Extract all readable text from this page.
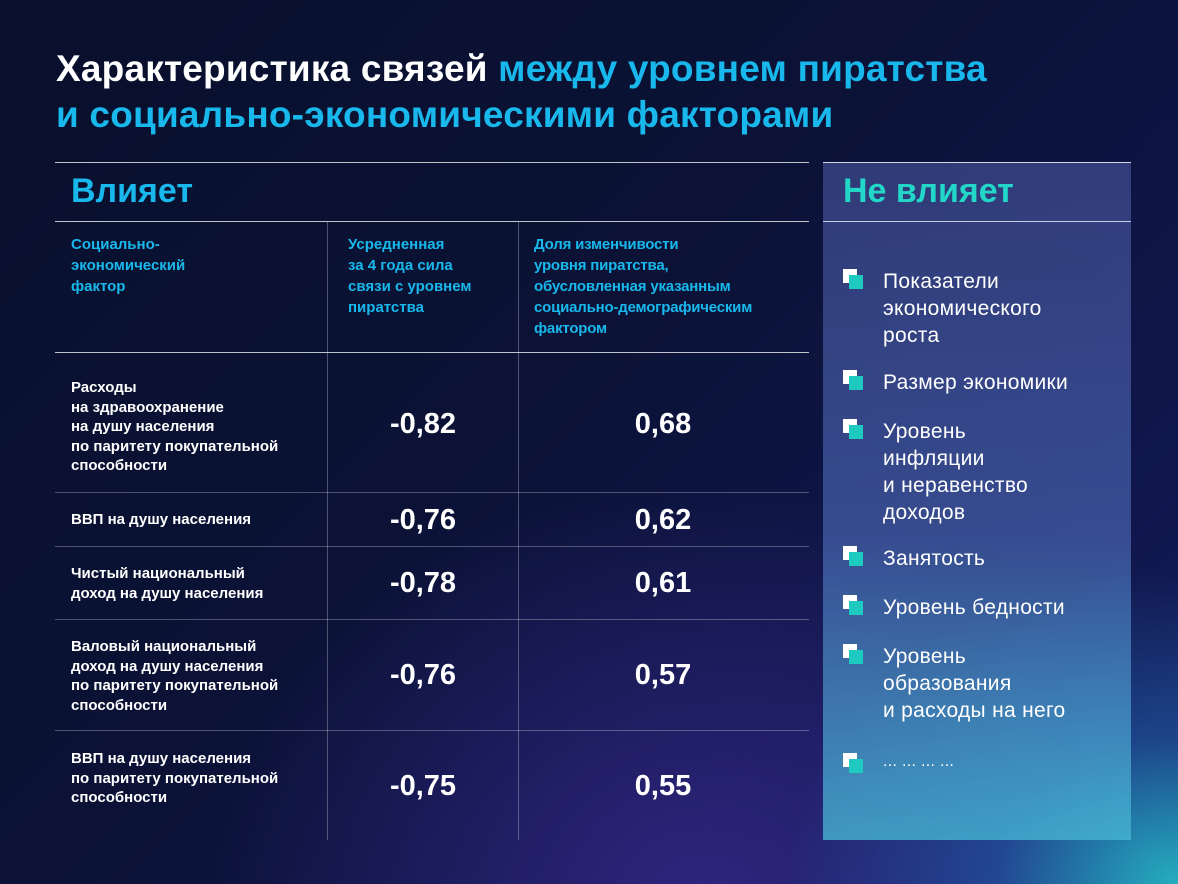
Характеристика связей между уровнем пиратства
и социально-экономическими факторами
Влияет

Социально-
экономический
фактор

Усредненная
за 4 года сила
связи с уровнем
пиратства

Доля изменчивости
уровня пиратства,
обусловленная указанным
социально-демографическим
фактором

Расходы
на здравоохранение
на душу населения
по паритету покупательной
способности
-0,82	0,68
ВВП на душу населения	-0,76	0,62
Чистый национальный
доход на душу населения	-0,78	0,61
Валовый национальный
доход на душу населения
по паритету покупательной
способности
-0,76	0,57
ВВП на душу населения
по паритету покупательной
способности	-0,75	0,55
Не влияет
Показатели
экономического
роста
Размер экономики
Уровень
инфляции
и неравенство
доходов
Занятость
Уровень бедности
Уровень
образования
и расходы на него
... ... ... ...
